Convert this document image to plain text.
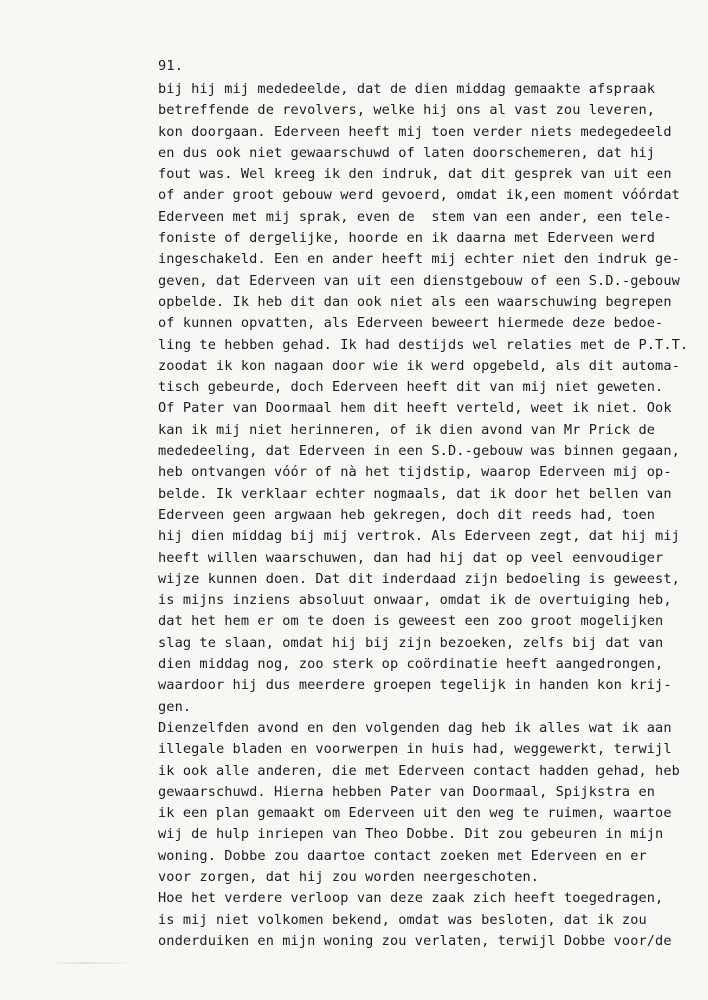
91.
bij hij mij mededeelde, dat de dien middag gemaakte afspraak
betreffende de revolvers, welke hij ons al vast zou leveren,
kon doorgaan. Ederveen heeft mij toen verder niets medegedeeld
en dus ook niet gewaarschuwd of laten doorschemeren, dat hij
fout was. Wel kreeg ik den indruk, dat dit gesprek van uit een
of ander groot gebouw werd gevoerd, omdat ik,een moment vóórdat
Ederveen met mij sprak, even de  stem van een ander, een tele-
foniste of dergelijke, hoorde en ik daarna met Ederveen werd
ingeschakeld. Een en ander heeft mij echter niet den indruk ge-
geven, dat Ederveen van uit een dienstgebouw of een S.D.-gebouw
opbelde. Ik heb dit dan ook niet als een waarschuwing begrepen
of kunnen opvatten, als Ederveen beweert hiermede deze bedoe-
ling te hebben gehad. Ik had destijds wel relaties met de P.T.T.
zoodat ik kon nagaan door wie ik werd opgebeld, als dit automa-
tisch gebeurde, doch Ederveen heeft dit van mij niet geweten.
Of Pater van Doormaal hem dit heeft verteld, weet ik niet. Ook
kan ik mij niet herinneren, of ik dien avond van Mr Prick de
mededeeling, dat Ederveen in een S.D.-gebouw was binnen gegaan,
heb ontvangen vóór of nà het tijdstip, waarop Ederveen mij op-
belde. Ik verklaar echter nogmaals, dat ik door het bellen van
Ederveen geen argwaan heb gekregen, doch dit reeds had, toen
hij dien middag bij mij vertrok. Als Ederveen zegt, dat hij mij
heeft willen waarschuwen, dan had hij dat op veel eenvoudiger
wijze kunnen doen. Dat dit inderdaad zijn bedoeling is geweest,
is mijns inziens absoluut onwaar, omdat ik de overtuiging heb,
dat het hem er om te doen is geweest een zoo groot mogelijken
slag te slaan, omdat hij bij zijn bezoeken, zelfs bij dat van
dien middag nog, zoo sterk op coördinatie heeft aangedrongen,
waardoor hij dus meerdere groepen tegelijk in handen kon krij-
gen.
Dienzelfden avond en den volgenden dag heb ik alles wat ik aan
illegale bladen en voorwerpen in huis had, weggewerkt, terwijl
ik ook alle anderen, die met Ederveen contact hadden gehad, heb
gewaarschuwd. Hierna hebben Pater van Doormaal, Spijkstra en
ik een plan gemaakt om Ederveen uit den weg te ruimen, waartoe
wij de hulp inriepen van Theo Dobbe. Dit zou gebeuren in mijn
woning. Dobbe zou daartoe contact zoeken met Ederveen en er
voor zorgen, dat hij zou worden neergeschoten.
Hoe het verdere verloop van deze zaak zich heeft toegedragen,
is mij niet volkomen bekend, omdat was besloten, dat ik zou
onderduiken en mijn woning zou verlaten, terwijl Dobbe voor/de
